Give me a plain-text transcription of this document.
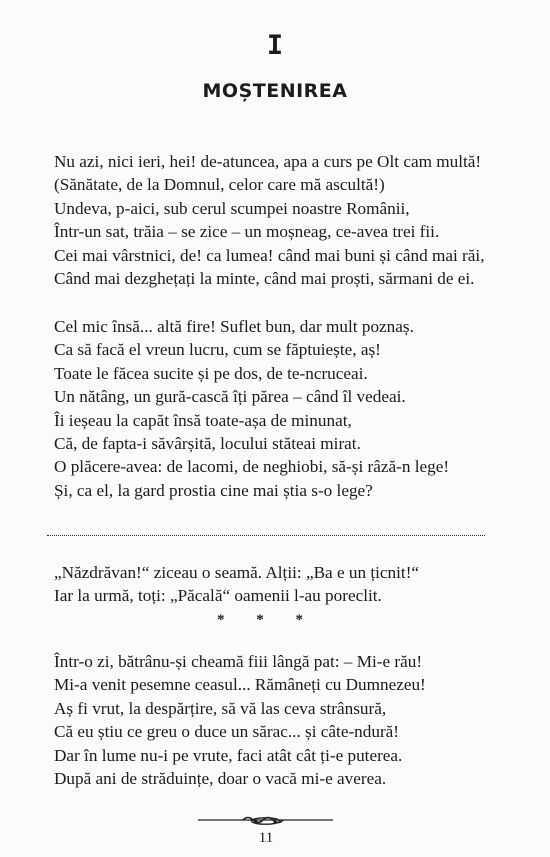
I
MOȘTENIREA
Nu azi, nici ieri, hei! de-atuncea, apa a curs pe Olt cam multă!
(Sănătate, de la Domnul, celor care mă ascultă!)
Undeva, p-aici, sub cerul scumpei noastre Românii,
Într-un sat, trăia – se zice – un moșneag, ce-avea trei fii.
Cei mai vârstnici, de! ca lumea! când mai buni și când mai răi,
Când mai dezghețați la minte, când mai proști, sărmani de ei.
Cel mic însă... altă fire! Suflet bun, dar mult poznaș.
Ca să facă el vreun lucru, cum se făptuiește, aș!
Toate le făcea sucite și pe dos, de te-ncruceai.
Un nătâng, un gură-cască îți părea – când îl vedeai.
Îi ieșeau la capăt însă toate-așa de minunat,
Că, de fapta-i săvârșită, locului stăteai mirat.
O plăcere-avea: de lacomi, de neghiobi, să-și râză-n lege!
Și, ca el, la gard prostia cine mai știa s-o lege?
„Năzdrăvan!“ ziceau o seamă. Alții: „Ba e un țicnit!“
Iar la urmă, toți: „Păcală“ oamenii l-au poreclit.
* * *
Într-o zi, bătrânu-și cheamă fiii lângă pat: – Mi-e rău!
Mi-a venit pesemne ceasul... Rămâneți cu Dumnezeu!
Aș fi vrut, la despărțire, să vă las ceva strânsură,
Că eu știu ce greu o duce un sărac... și câte-ndură!
Dar în lume nu-i pe vrute, faci atât cât ți-e puterea.
După ani de străduințe, doar o vacă mi-e averea.
11
